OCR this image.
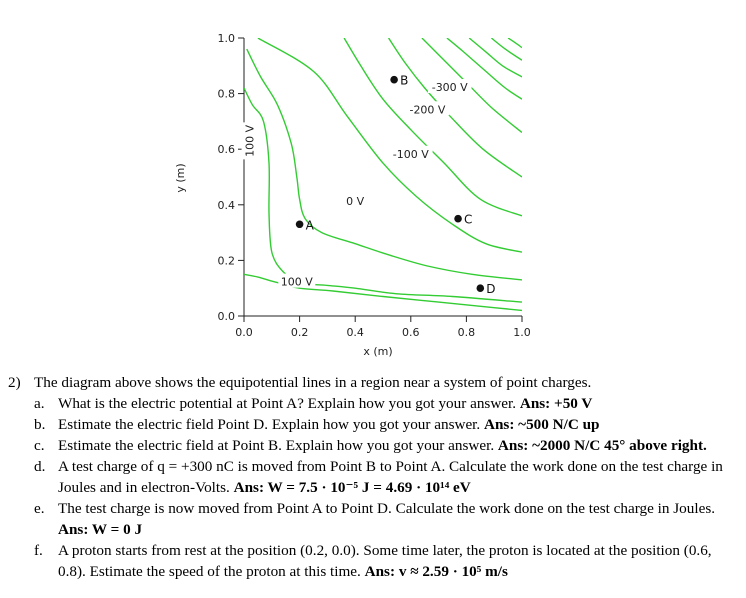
0.0	0.2	0.4	0.6	0.8	1.0
0.0
0.2
0.4
0.6
0.8
1.0
-300 V
-200 V
-100 V
0 V
100 V
100 V
A
B
C
D
x (m)
y (m)
2) The diagram above shows the equipotential lines in a region near a system of point charges.
a. What is the electric potential at Point A? Explain how you got your answer. Ans: +50 V
b. Estimate the electric field Point D. Explain how you got your answer. Ans: ~500 N/C up
c. Estimate the electric field at Point B. Explain how you got your answer. Ans: ~2000 N/C 45° above right.
d. A test charge of q = +300 nC is moved from Point B to Point A. Calculate the work done on the test charge in Joules and in electron-Volts. Ans: W = 7.5 · 10⁻⁵ J = 4.69 · 10¹⁴ eV
e. The test charge is now moved from Point A to Point D. Calculate the work done on the test charge in Joules. Ans: W = 0 J
f. A proton starts from rest at the position (0.2, 0.0). Some time later, the proton is located at the position (0.6, 0.8). Estimate the speed of the proton at this time. Ans: v ≈ 2.59 · 10⁵ m/s
